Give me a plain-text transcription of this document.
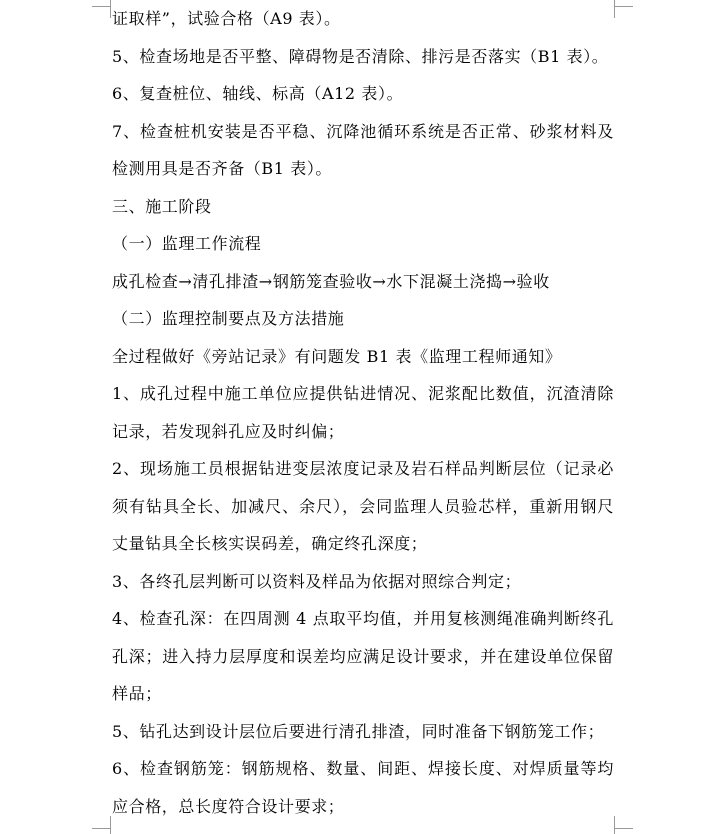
证取样”，试验合格（A9 表）。
5、检查场地是否平整、障碍物是否清除、排污是否落实（B1 表）。
6、复查桩位、轴线、标高（A12 表）。
7、检查桩机安装是否平稳、沉降池循环系统是否正常、砂浆材料及
检测用具是否齐备（B1 表）。
三、施工阶段
（一）监理工作流程
成孔检查→清孔排渣→钢筋笼查验收→水下混凝土浇捣→验收
（二）监理控制要点及方法措施
全过程做好《旁站记录》有问题发 B1 表《监理工程师通知》
1、成孔过程中施工单位应提供钻进情况、泥浆配比数值，沉渣清除
记录，若发现斜孔应及时纠偏；
2、现场施工员根据钻进变层浓度记录及岩石样品判断层位（记录必
须有钻具全长、加减尺、余尺），会同监理人员验芯样，重新用钢尺
丈量钻具全长核实误码差，确定终孔深度；
3、各终孔层判断可以资料及样品为依据对照综合判定；
4、检查孔深：在四周测 4 点取平均值，并用复核测绳准确判断终孔
孔深；进入持力层厚度和误差均应满足设计要求，并在建设单位保留
样品；
5、钻孔达到设计层位后要进行清孔排渣，同时准备下钢筋笼工作；
6、检查钢筋笼：钢筋规格、数量、间距、焊接长度、对焊质量等均
应合格，总长度符合设计要求；
